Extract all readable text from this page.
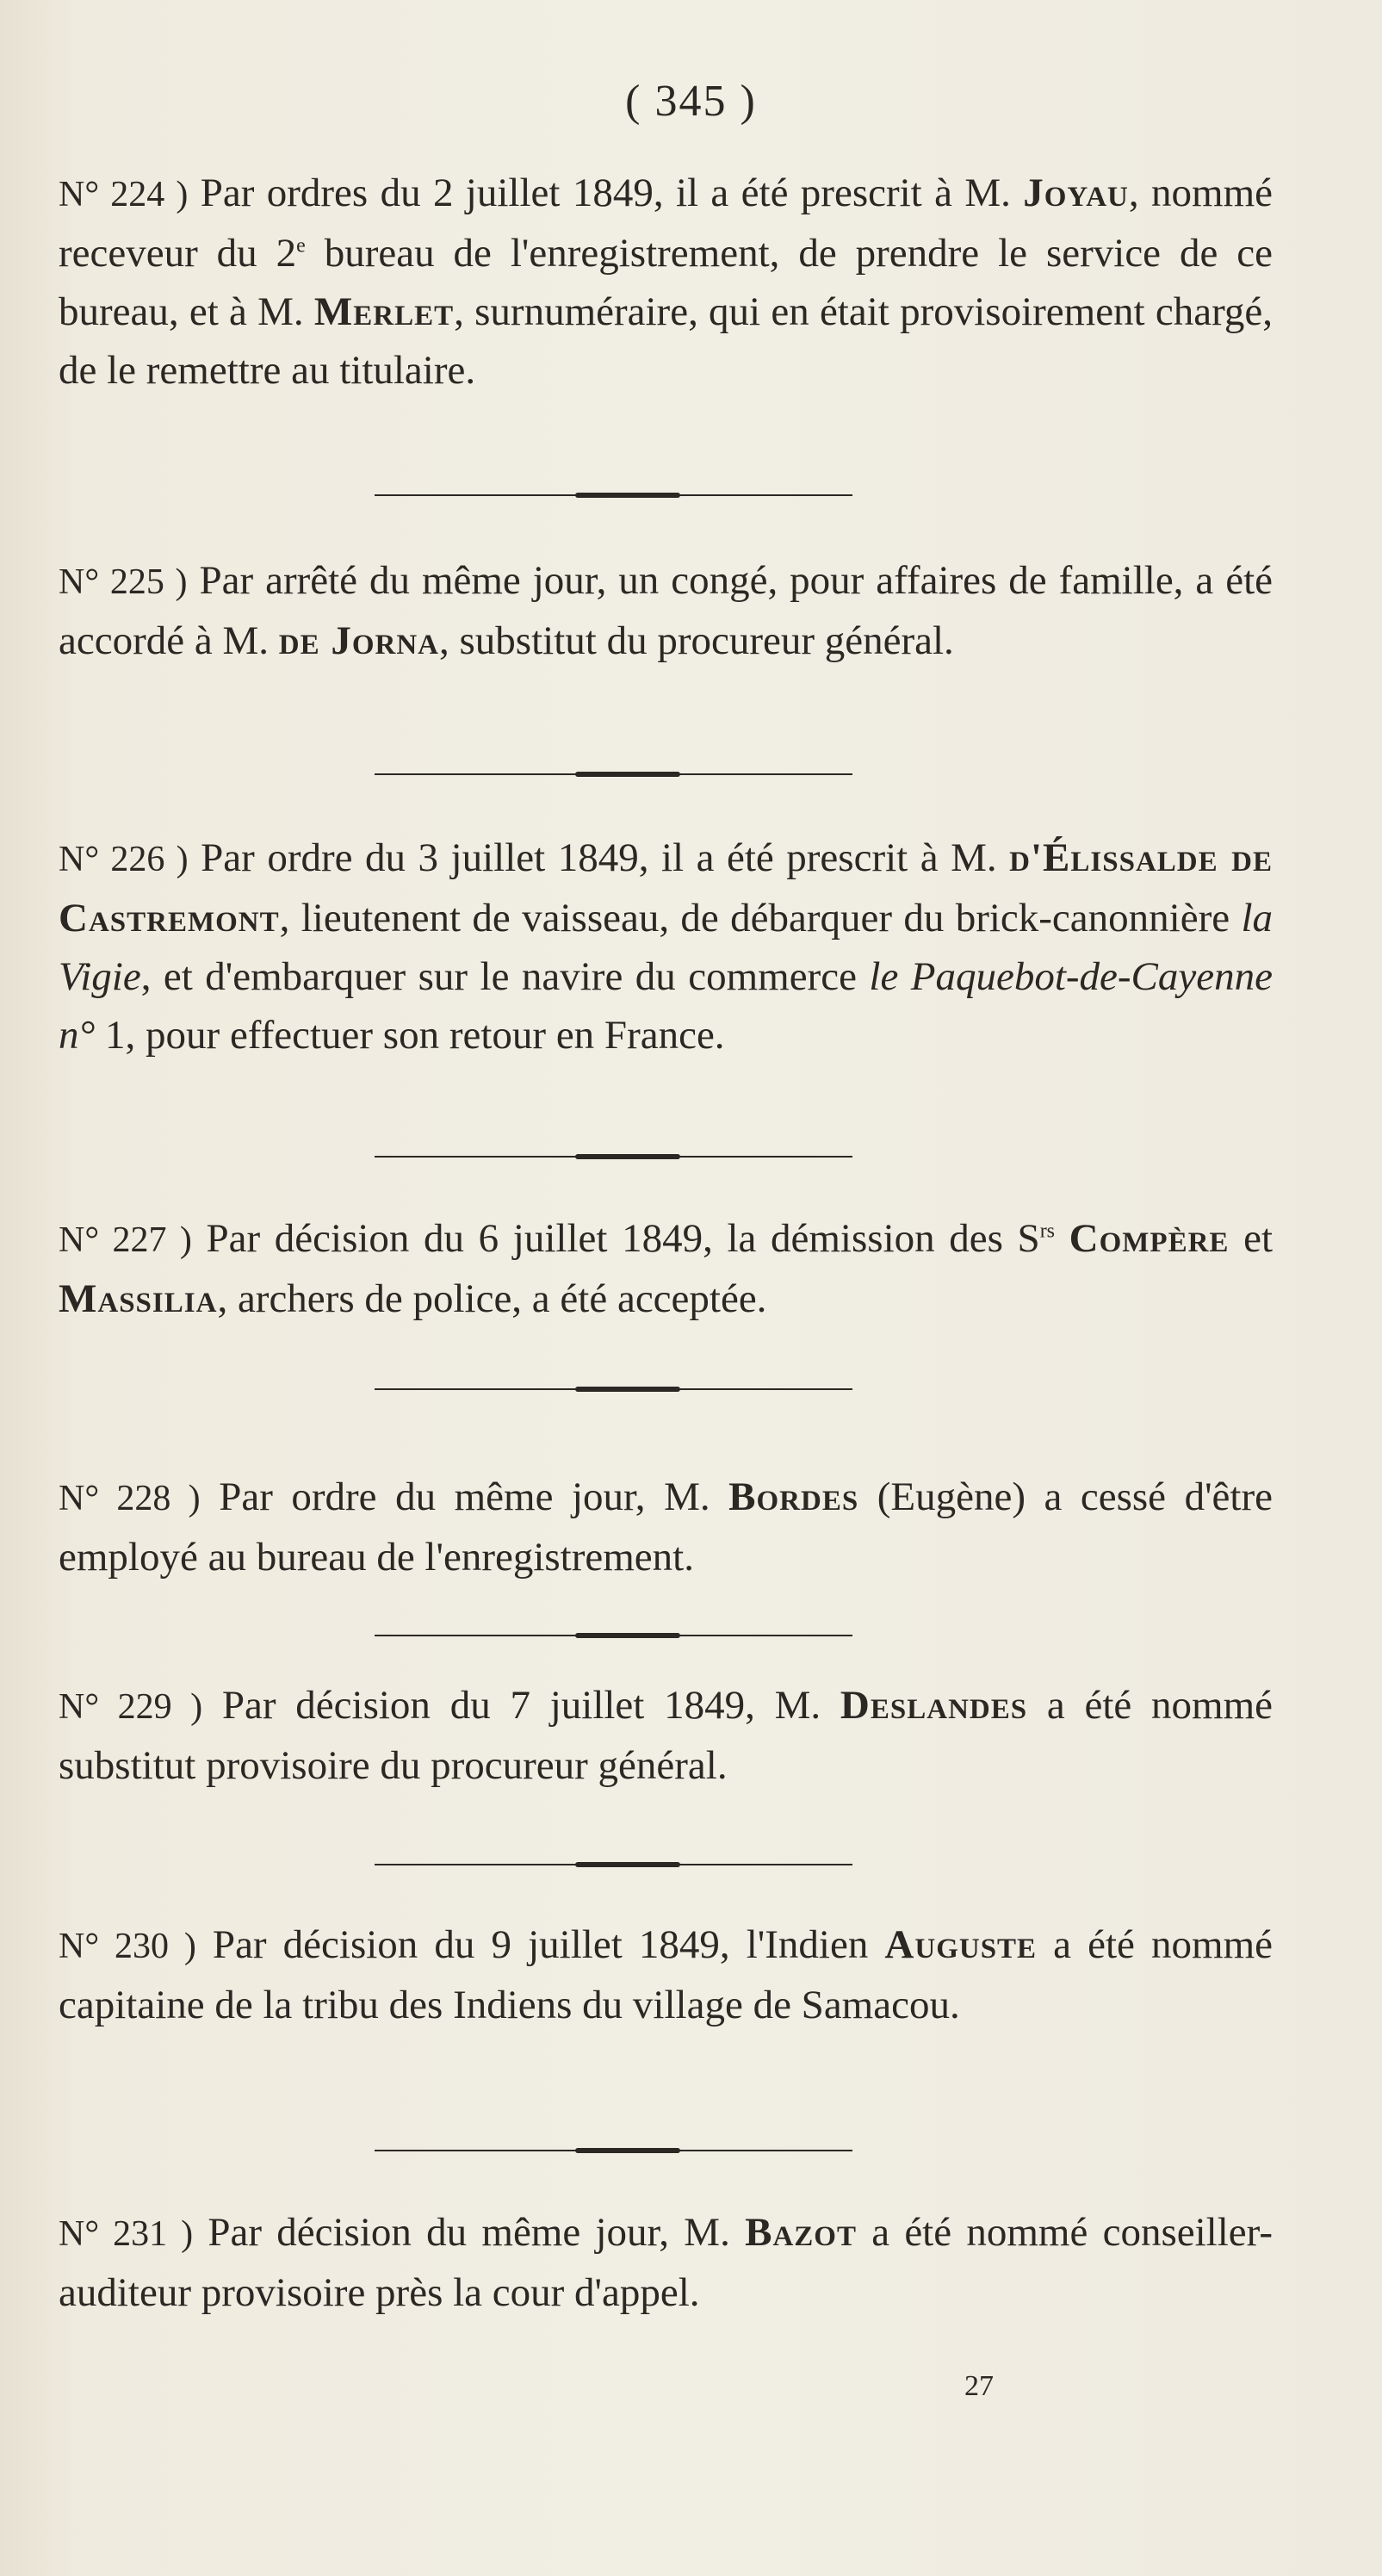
( 345 )

N° 224 ) Par ordres du 2 juillet 1849, il a été prescrit à M. Joyau, nommé receveur du 2e bureau de l'enregistrement, de prendre le service de ce bureau, et à M. Merlet, surnuméraire, qui en était provisoirement chargé, de le remettre au titulaire.

N° 225 ) Par arrêté du même jour, un congé, pour affaires de famille, a été accordé à M. de Jorna, substitut du procureur général.

N° 226 ) Par ordre du 3 juillet 1849, il a été prescrit à M. d'Élissalde de Castremont, lieutenent de vaisseau, de débarquer du brick-canonnière la Vigie, et d'embarquer sur le navire du commerce le Paquebot-de-Cayenne n° 1, pour effectuer son retour en France.

N° 227 ) Par décision du 6 juillet 1849, la démission des $S^{rs}$ Compère et Massilia, archers de police, a été acceptée.

N° 228 ) Par ordre du même jour, M. Bordes (Eugène) a cessé d'être employé au bureau de l'enregistrement.

N° 229 ) Par décision du 7 juillet 1849, M. Deslandes a été nommé substitut provisoire du procureur général.

N° 230 ) Par décision du 9 juillet 1849, l'Indien Auguste a été nommé capitaine de la tribu des Indiens du village de Samacou.

N° 231 ) Par décision du même jour, M. Bazot a été nommé conseiller-auditeur provisoire près la cour d'appel.

27
